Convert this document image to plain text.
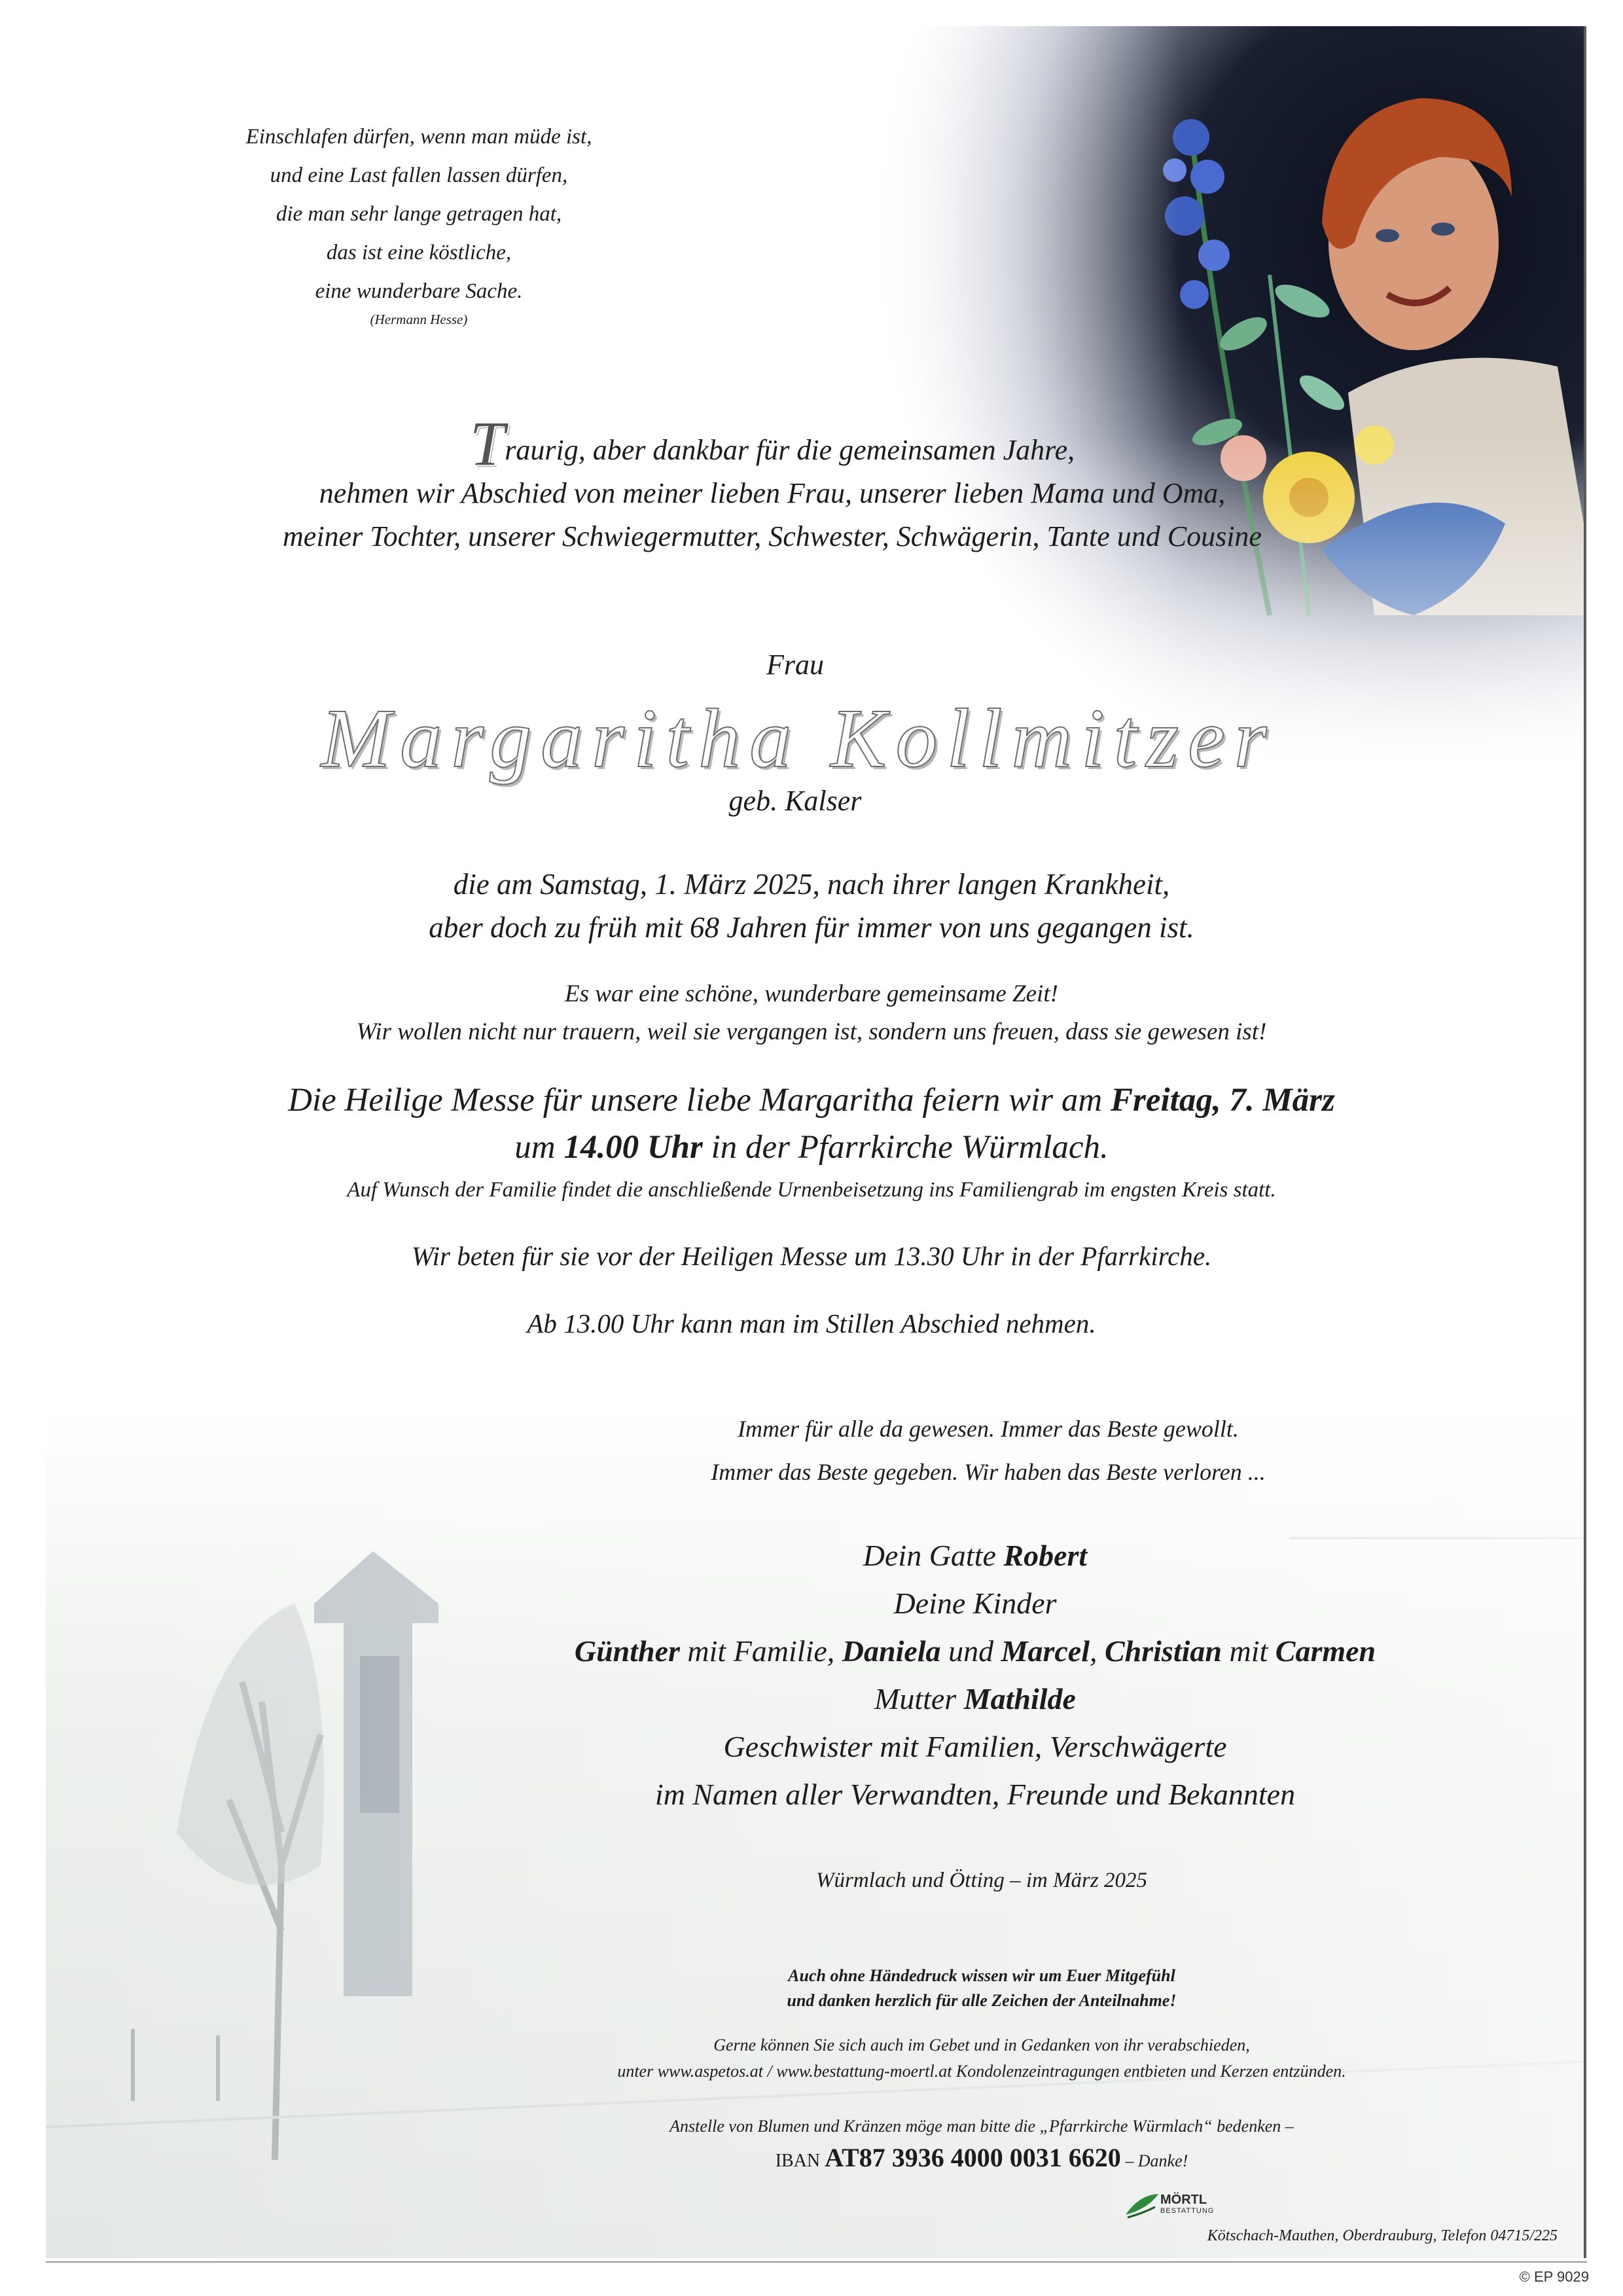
Einschlafen dürfen, wenn man müde ist,
und eine Last fallen lassen dürfen,
die man sehr lange getragen hat,
das ist eine köstliche,
eine wunderbare Sache.
(Hermann Hesse)
Traurig, aber dankbar für die gemeinsamen Jahre,
nehmen wir Abschied von meiner lieben Frau, unserer lieben Mama und Oma,
meiner Tochter, unserer Schwiegermutter, Schwester, Schwägerin, Tante und Cousine
Frau
Margaritha Kollmitzer
geb. Kalser
die am Samstag, 1. März 2025, nach ihrer langen Krankheit,
aber doch zu früh mit 68 Jahren für immer von uns gegangen ist.
Es war eine schöne, wunderbare gemeinsame Zeit!
Wir wollen nicht nur trauern, weil sie vergangen ist, sondern uns freuen, dass sie gewesen ist!
Die Heilige Messe für unsere liebe Margaritha feiern wir am Freitag, 7. März
um 14.00 Uhr in der Pfarrkirche Würmlach.
Auf Wunsch der Familie findet die anschließende Urnenbeisetzung ins Familiengrab im engsten Kreis statt.
Wir beten für sie vor der Heiligen Messe um 13.30 Uhr in der Pfarrkirche.
Ab 13.00 Uhr kann man im Stillen Abschied nehmen.
Immer für alle da gewesen. Immer das Beste gewollt.
Immer das Beste gegeben. Wir haben das Beste verloren ...
Dein Gatte Robert
Deine Kinder
Günther mit Familie, Daniela und Marcel, Christian mit Carmen
Mutter Mathilde
Geschwister mit Familien, Verschwägerte
im Namen aller Verwandten, Freunde und Bekannten
Würmlach und Ötting – im März 2025
Auch ohne Händedruck wissen wir um Euer Mitgefühl
und danken herzlich für alle Zeichen der Anteilnahme!
Gerne können Sie sich auch im Gebet und in Gedanken von ihr verabschieden,
unter www.aspetos.at / www.bestattung-moertl.at Kondolenzeintragungen entbieten und Kerzen entzünden.
Anstelle von Blumen und Kränzen möge man bitte die „Pfarrkirche Würmlach“ bedenken –
IBAN AT87 3936 4000 0031 6620 – Danke!
MÖRTL
BESTATTUNG
Kötschach-Mauthen, Oberdrauburg, Telefon 04715/225
© EP 9029
